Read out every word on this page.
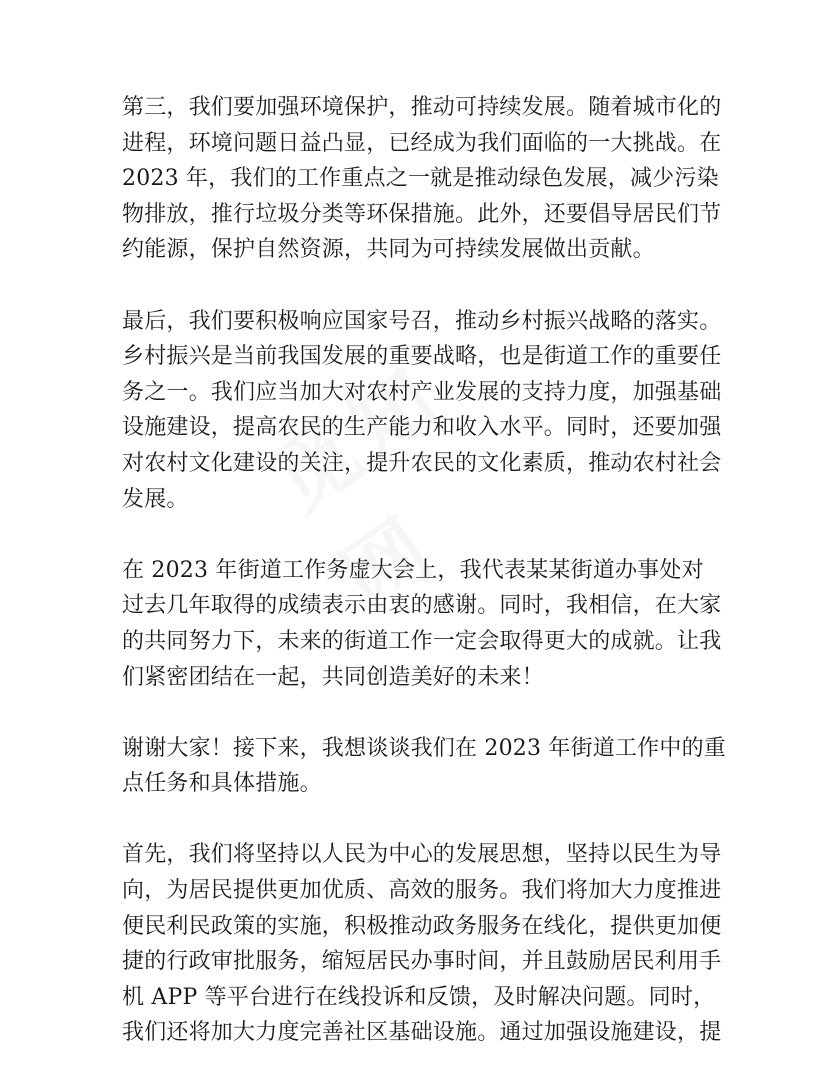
第三，我们要加强环境保护，推动可持续发展。随着城市化的
进程，环境问题日益凸显，已经成为我们面临的一大挑战。在
2023 年，我们的工作重点之一就是推动绿色发展，减少污染
物排放，推行垃圾分类等环保措施。此外，还要倡导居民们节
约能源，保护自然资源，共同为可持续发展做出贡献。

最后，我们要积极响应国家号召，推动乡村振兴战略的落实。
乡村振兴是当前我国发展的重要战略，也是街道工作的重要任
务之一。我们应当加大对农村产业发展的支持力度，加强基础
设施建设，提高农民的生产能力和收入水平。同时，还要加强
对农村文化建设的关注，提升农民的文化素质，推动农村社会
发展。

在 2023 年街道工作务虚大会上，我代表某某街道办事处对
过去几年取得的成绩表示由衷的感谢。同时，我相信，在大家
的共同努力下，未来的街道工作一定会取得更大的成就。让我
们紧密团结在一起，共同创造美好的未来！

谢谢大家！接下来，我想谈谈我们在 2023 年街道工作中的重
点任务和具体措施。

首先，我们将坚持以人民为中心的发展思想，坚持以民生为导
向，为居民提供更加优质、高效的服务。我们将加大力度推进
便民利民政策的实施，积极推动政务服务在线化，提供更加便
捷的行政审批服务，缩短居民办事时间，并且鼓励居民利用手
机 APP 等平台进行在线投诉和反馈，及时解决问题。同时，
我们还将加大力度完善社区基础设施。通过加强设施建设，提
